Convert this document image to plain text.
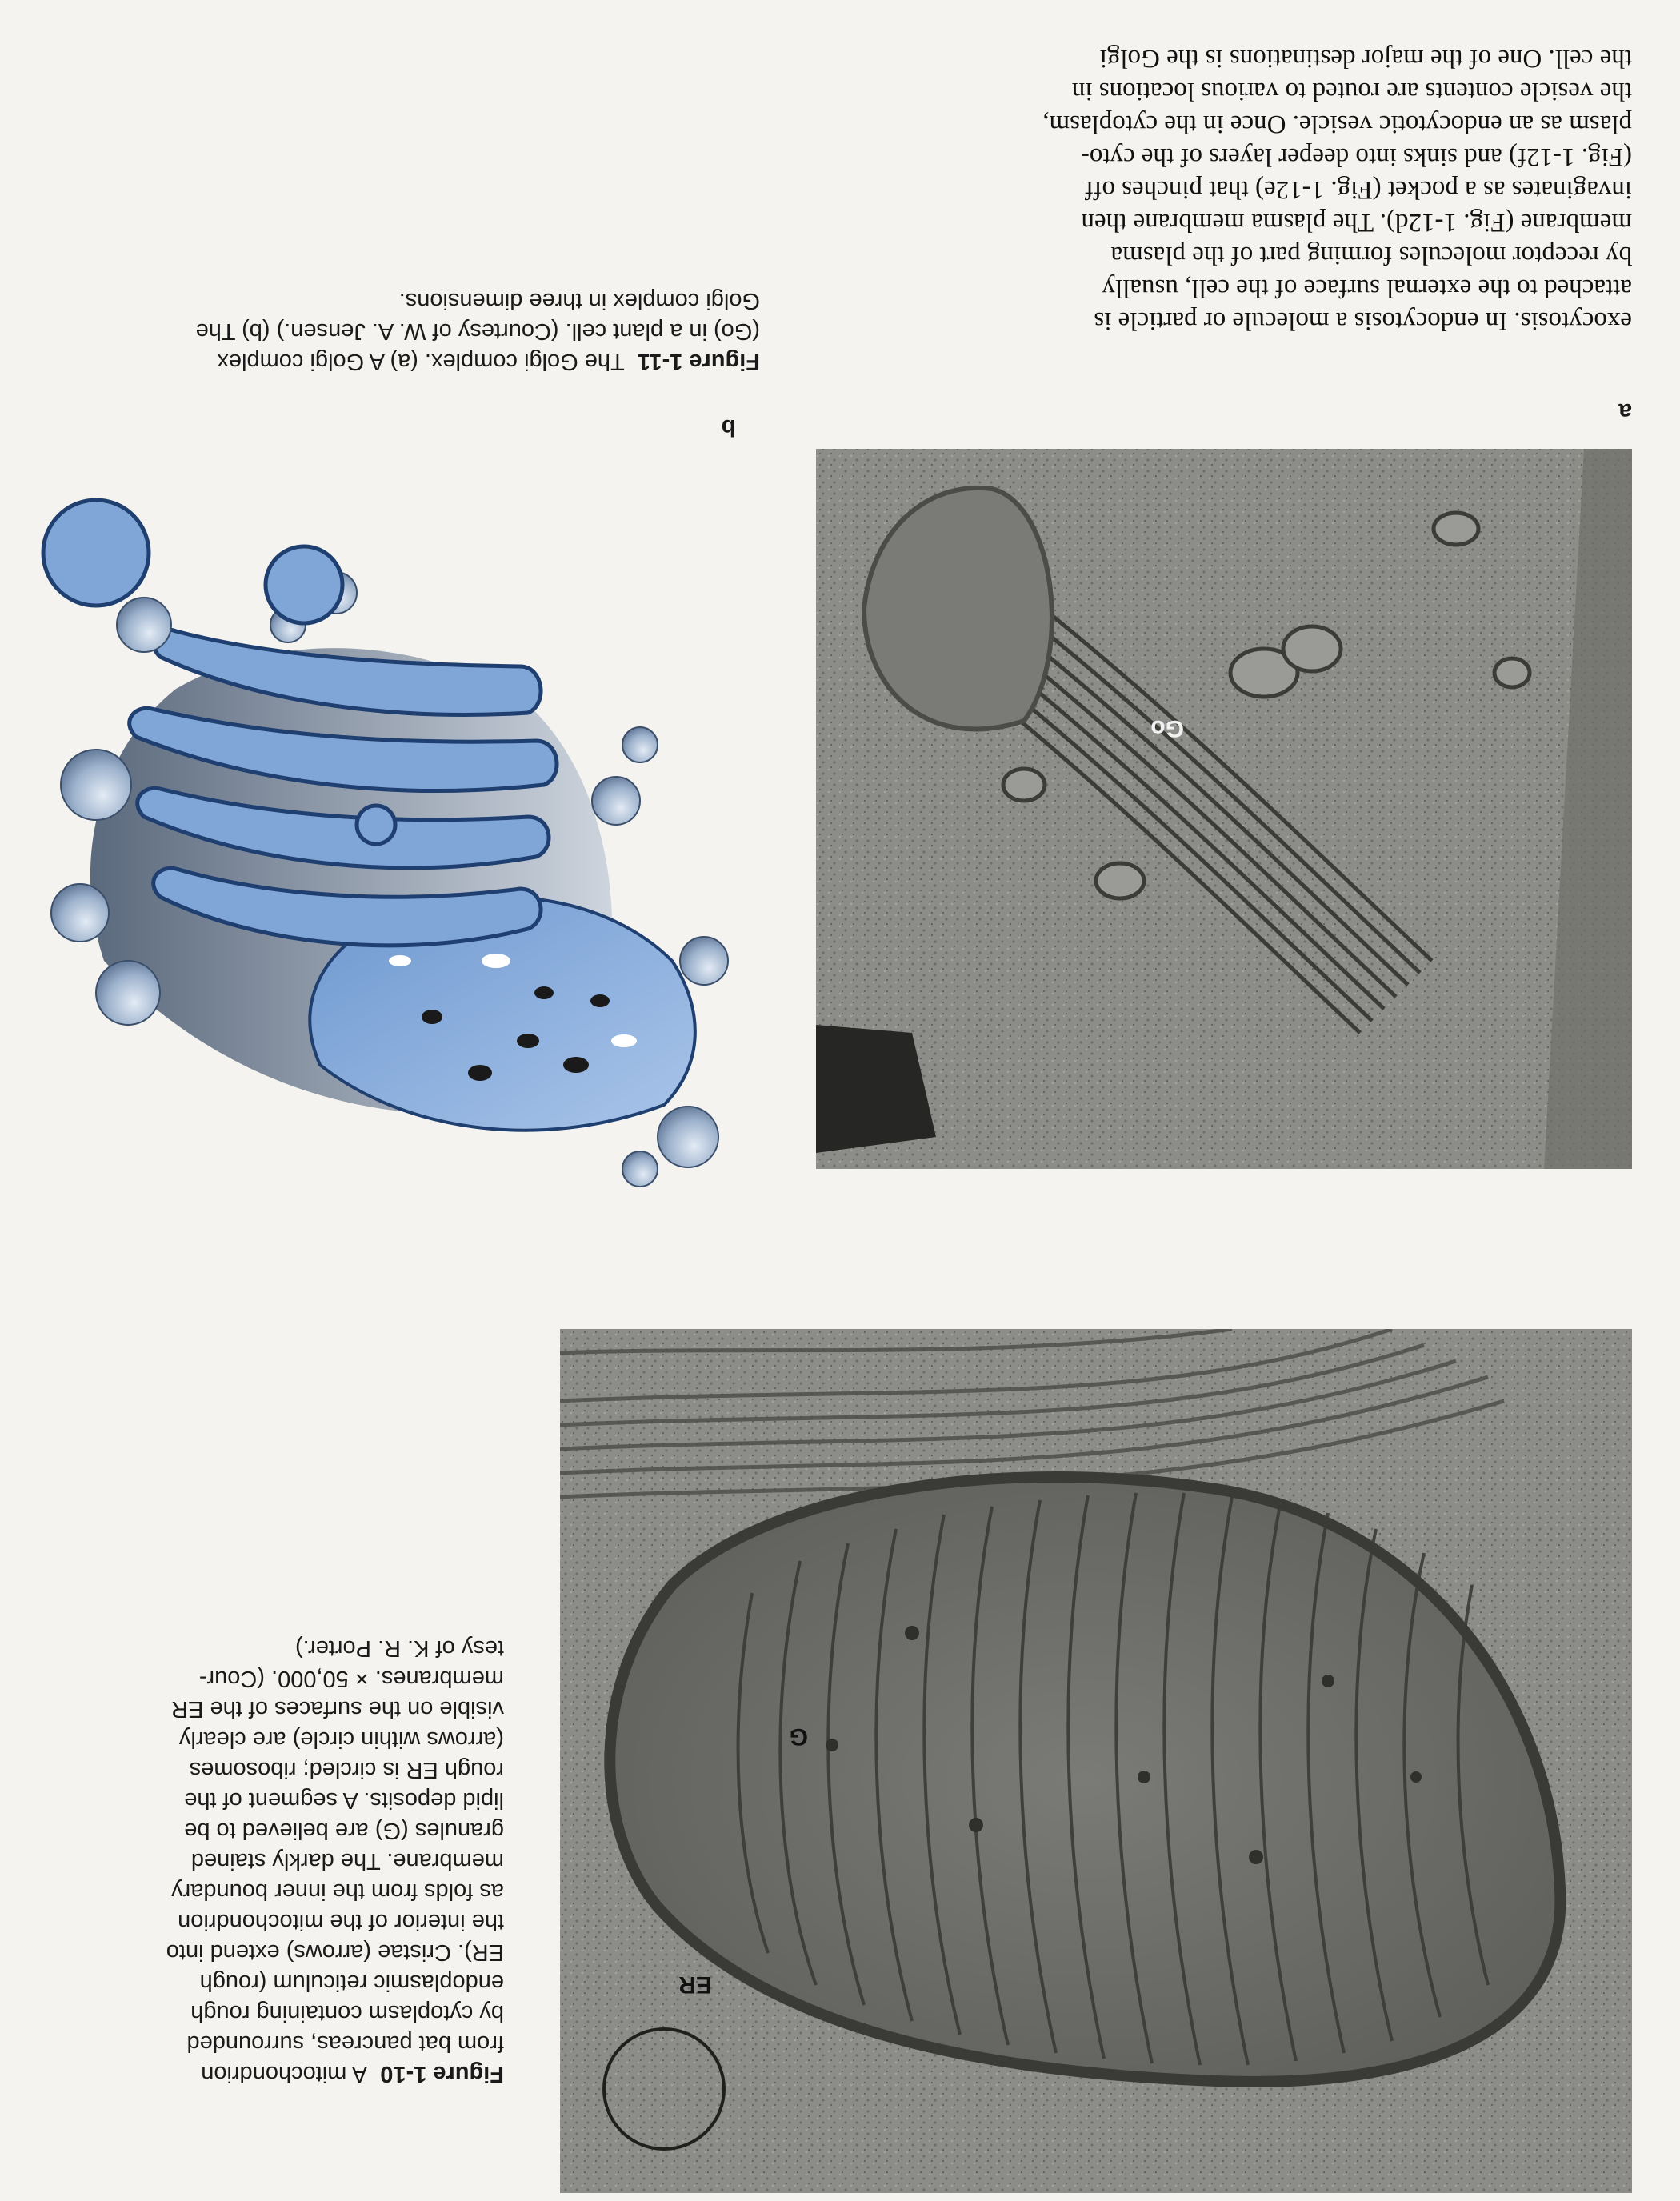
Figure 1-10  A mitochondrion

from bat pancreas, surrounded

by cytoplasm containing rough

endoplasmic reticulum (rough

ER). Cristae (arrows) extend into

the interior of the mitochondrion

as folds from the inner boundary

membrane. The darkly stained

granules (G) are believed to be

lipid deposits. A segment of the

rough ER is circled; ribosomes

(arrows within circle) are clearly

visible on the surfaces of the ER

membranes. × 50,000. (Cour-

tesy of K. R. Porter.)

ER
G

Figure 1-11  The Golgi complex. (a) A Golgi complex

(Go) in a plant cell. (Courtesy of W. A. Jensen.) (b) The

Golgi complex in three dimensions.

b
a
Go

exocytosis. In endocytosis a molecule or particle is

attached to the external surface of the cell, usually

by receptor molecules forming part of the plasma

membrane (Fig. 1-12d). The plasma membrane then

invaginates as a pocket (Fig. 1-12e) that pinches off

(Fig. 1-12f) and sinks into deeper layers of the cyto-

plasm as an endocytotic vesicle. Once in the cytoplasm,

the vesicle contents are routed to various locations in

the cell. One of the major destinations is the Golgi
